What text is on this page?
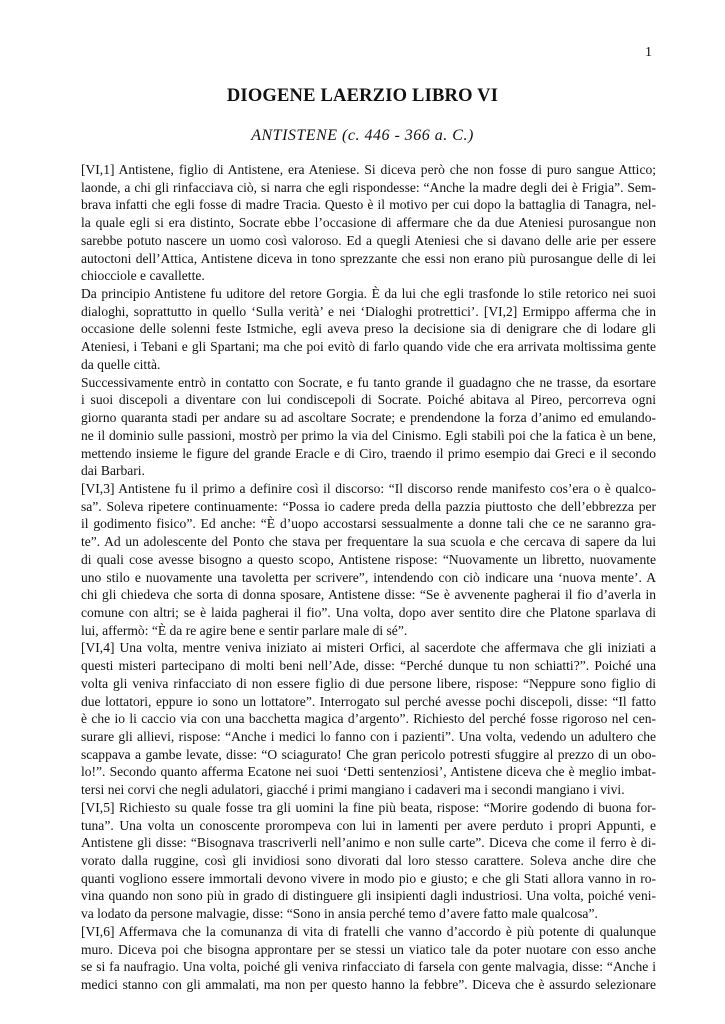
1
DIOGENE LAERZIO LIBRO VI
ANTISTENE (c. 446 - 366 a. C.)
[VI,1] Antistene, figlio di Antistene, era Ateniese. Si diceva però che non fosse di puro sangue Attico;
laonde, a chi gli rinfacciava ciò, si narra che egli rispondesse: “Anche la madre degli dei è Frigia”. Sem-
brava infatti che egli fosse di madre Tracia. Questo è il motivo per cui dopo la battaglia di Tanagra, nel-
la quale egli si era distinto, Socrate ebbe l’occasione di affermare che da due Ateniesi purosangue non
sarebbe potuto nascere un uomo così valoroso. Ed a quegli Ateniesi che si davano delle arie per essere
autoctoni dell’Attica, Antistene diceva in tono sprezzante che essi non erano più purosangue delle di lei
chiocciole e cavallette.
Da principio Antistene fu uditore del retore Gorgia. È da lui che egli trasfonde lo stile retorico nei suoi
dialoghi, soprattutto in quello ‘Sulla verità’ e nei ‘Dialoghi protrettici’. [VI,2] Ermippo afferma che in
occasione delle solenni feste Istmiche, egli aveva preso la decisione sia di denigrare che di lodare gli
Ateniesi, i Tebani e gli Spartani; ma che poi evitò di farlo quando vide che era arrivata moltissima gente
da quelle città.
Successivamente entrò in contatto con Socrate, e fu tanto grande il guadagno che ne trasse, da esortare
i suoi discepoli a diventare con lui condiscepoli di Socrate. Poiché abitava al Pireo, percorreva ogni
giorno quaranta stadi per andare su ad ascoltare Socrate; e prendendone la forza d’animo ed emulando-
ne il dominio sulle passioni, mostrò per primo la via del Cinismo. Egli stabilì poi che la fatica è un bene,
mettendo insieme le figure del grande Eracle e di Ciro, traendo il primo esempio dai Greci e il secondo
dai Barbari.
[VI,3] Antistene fu il primo a definire così il discorso: “Il discorso rende manifesto cos’era o è qualco-
sa”. Soleva ripetere continuamente: “Possa io cadere preda della pazzia piuttosto che dell’ebbrezza per
il godimento fisico”. Ed anche: “È d’uopo accostarsi sessualmente a donne tali che ce ne saranno gra-
te”. Ad un adolescente del Ponto che stava per frequentare la sua scuola e che cercava di sapere da lui
di quali cose avesse bisogno a questo scopo, Antistene rispose: “Nuovamente un libretto, nuovamente
uno stilo e nuovamente una tavoletta per scrivere”, intendendo con ciò indicare una ‘nuova mente’. A
chi gli chiedeva che sorta di donna sposare, Antistene disse: “Se è avvenente pagherai il fio d’averla in
comune con altri; se è laida pagherai il fio”. Una volta, dopo aver sentito dire che Platone sparlava di
lui, affermò: “È da re agire bene e sentir parlare male di sé”.
[VI,4] Una volta, mentre veniva iniziato ai misteri Orfici, al sacerdote che affermava che gli iniziati a
questi misteri partecipano di molti beni nell’Ade, disse: “Perché dunque tu non schiatti?”. Poiché una
volta gli veniva rinfacciato di non essere figlio di due persone libere, rispose: “Neppure sono figlio di
due lottatori, eppure io sono un lottatore”. Interrogato sul perché avesse pochi discepoli, disse: “Il fatto
è che io li caccio via con una bacchetta magica d’argento”. Richiesto del perché fosse rigoroso nel cen-
surare gli allievi, rispose: “Anche i medici lo fanno con i pazienti”. Una volta, vedendo un adultero che
scappava a gambe levate, disse: “O sciagurato! Che gran pericolo potresti sfuggire al prezzo di un obo-
lo!”. Secondo quanto afferma Ecatone nei suoi ‘Detti sentenziosi’, Antistene diceva che è meglio imbat-
tersi nei corvi che negli adulatori, giacché i primi mangiano i cadaveri ma i secondi mangiano i vivi.
[VI,5] Richiesto su quale fosse tra gli uomini la fine più beata, rispose: “Morire godendo di buona for-
tuna”. Una volta un conoscente prorompeva con lui in lamenti per avere perduto i propri Appunti, e
Antistene gli disse: “Bisognava trascriverli nell’animo e non sulle carte”. Diceva che come il ferro è di-
vorato dalla ruggine, così gli invidiosi sono divorati dal loro stesso carattere. Soleva anche dire che
quanti vogliono essere immortali devono vivere in modo pio e giusto; e che gli Stati allora vanno in ro-
vina quando non sono più in grado di distinguere gli insipienti dagli industriosi. Una volta, poiché veni-
va lodato da persone malvagie, disse: “Sono in ansia perché temo d’avere fatto male qualcosa”.
[VI,6] Affermava che la comunanza di vita di fratelli che vanno d’accordo è più potente di qualunque
muro. Diceva poi che bisogna approntare per se stessi un viatico tale da poter nuotare con esso anche
se si fa naufragio. Una volta, poiché gli veniva rinfacciato di farsela con gente malvagia, disse: “Anche i
medici stanno con gli ammalati, ma non per questo hanno la febbre”. Diceva che è assurdo selezionare
